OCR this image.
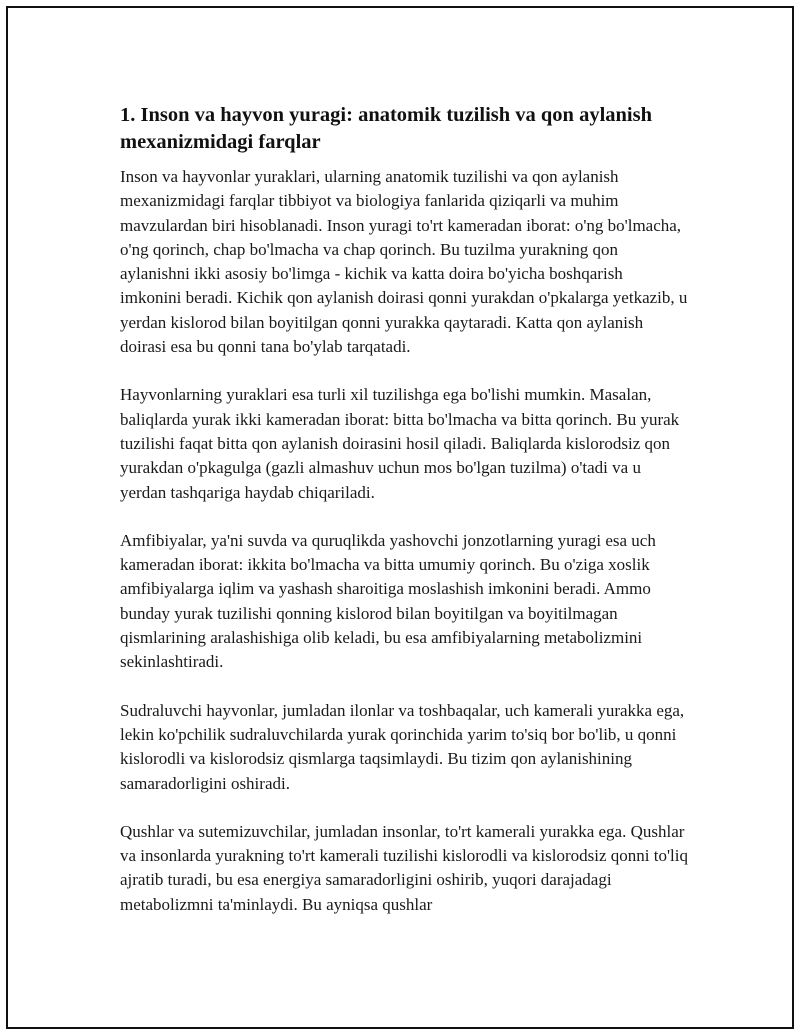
1. Inson va hayvon yuragi: anatomik tuzilish va qon aylanish mexanizmidagi farqlar

Inson va hayvonlar yuraklari, ularning anatomik tuzilishi va qon aylanish mexanizmidagi farqlar tibbiyot va biologiya fanlarida qiziqarli va muhim mavzulardan biri hisoblanadi. Inson yuragi to'rt kameradan iborat: o'ng bo'lmacha, o'ng qorinch, chap bo'lmacha va chap qorinch. Bu tuzilma yurakning qon aylanishni ikki asosiy bo'limga - kichik va katta doira bo'yicha boshqarish imkonini beradi. Kichik qon aylanish doirasi qonni yurakdan o'pkalarga yetkazib, u yerdan kislorod bilan boyitilgan qonni yurakka qaytaradi. Katta qon aylanish doirasi esa bu qonni tana bo'ylab tarqatadi.

Hayvonlarning yuraklari esa turli xil tuzilishga ega bo'lishi mumkin. Masalan, baliqlarda yurak ikki kameradan iborat: bitta bo'lmacha va bitta qorinch. Bu yurak tuzilishi faqat bitta qon aylanish doirasini hosil qiladi. Baliqlarda kislorodsiz qon yurakdan o'pkagulga (gazli almashuv uchun mos bo'lgan tuzilma) o'tadi va u yerdan tashqariga haydab chiqariladi.

Amfibiyalar, ya'ni suvda va quruqlikda yashovchi jonzotlarning yuragi esa uch kameradan iborat: ikkita bo'lmacha va bitta umumiy qorinch. Bu o'ziga xoslik amfibiyalarga iqlim va yashash sharoitiga moslashish imkonini beradi. Ammo bunday yurak tuzilishi qonning kislorod bilan boyitilgan va boyitilmagan qismlarining aralashishiga olib keladi, bu esa amfibiyalarning metabolizmini sekinlashtiradi.

Sudraluvchi hayvonlar, jumladan ilonlar va toshbaqalar, uch kamerali yurakka ega, lekin ko'pchilik sudraluvchilarda yurak qorinchida yarim to'siq bor bo'lib, u qonni kislorodli va kislorodsiz qismlarga taqsimlaydi. Bu tizim qon aylanishining samaradorligini oshiradi.

Qushlar va sutemizuvchilar, jumladan insonlar, to'rt kamerali yurakka ega. Qushlar va insonlarda yurakning to'rt kamerali tuzilishi kislorodli va kislorodsiz qonni to'liq ajratib turadi, bu esa energiya samaradorligini oshirib, yuqori darajadagi metabolizmni ta'minlaydi. Bu ayniqsa qushlar
